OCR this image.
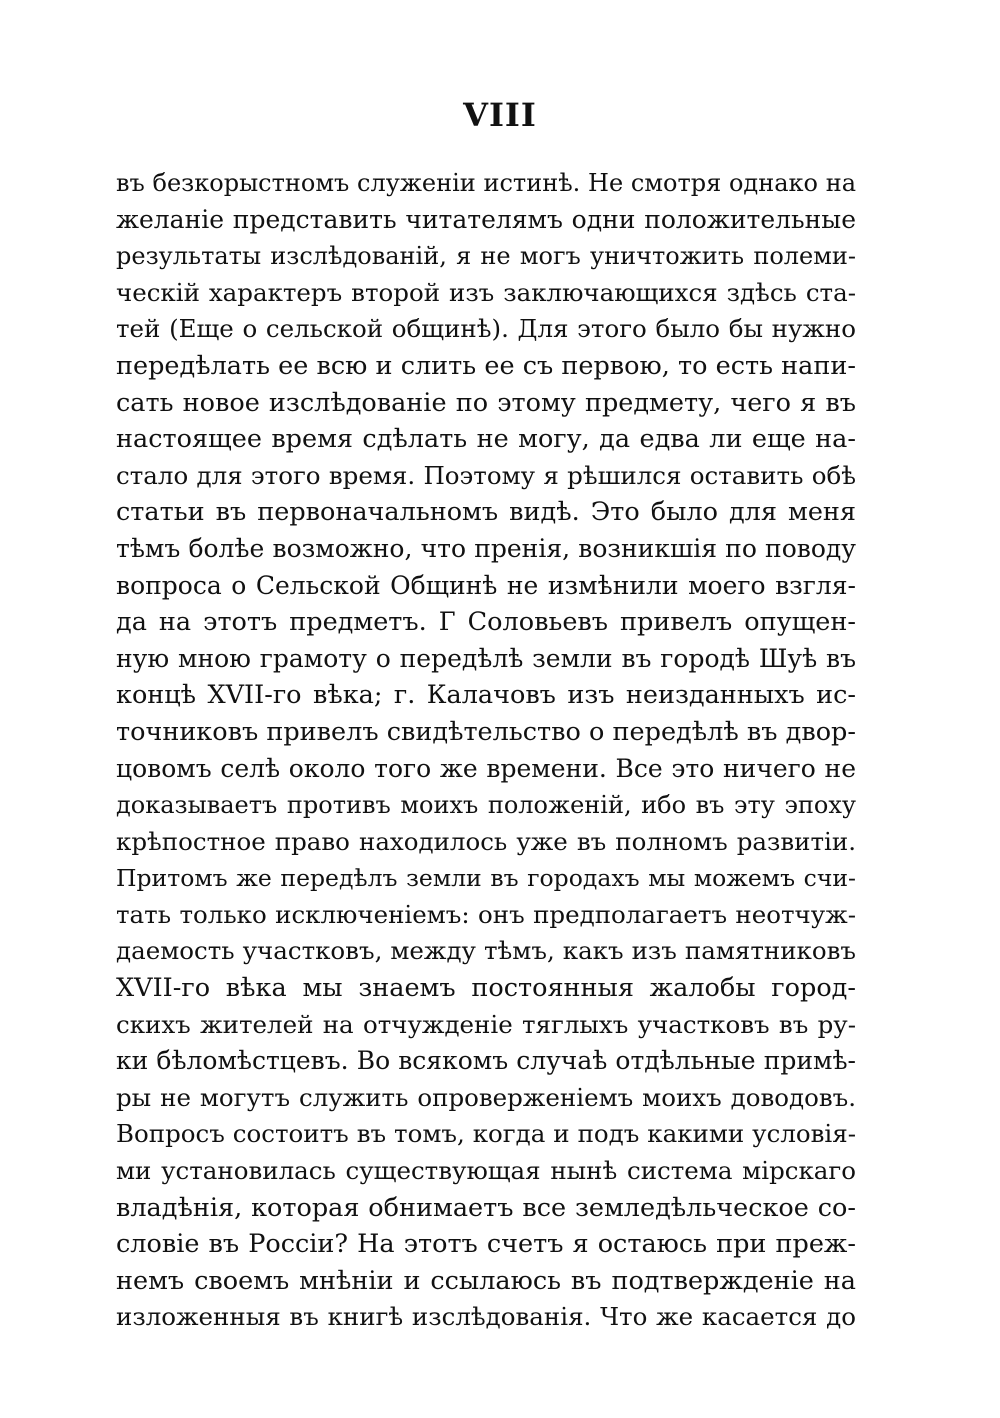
VIII
въ безкорыстномъ служеніи истинѣ. Не смотря однако на
желаніе представить читателямъ одни положительные
результаты изслѣдованій, я не могъ уничтожить полеми-
ческій характеръ второй изъ заключающихся здѣсь ста-
тей (Еще о сельской общинѣ). Для этого было бы нужно
передѣлать ее всю и слить ее съ первою, то есть напи-
сать новое изслѣдованіе по этому предмету, чего я въ
настоящее время сдѣлать не могу, да едва ли еще на-
стало для этого время. Поэтому я рѣшился оставить обѣ
статьи въ первоначальномъ видѣ. Это было для меня
тѣмъ болѣе возможно, что пренія, возникшія по поводу
вопроса о Сельской Общинѣ не измѣнили моего взгля-
да на этотъ предметъ. Г Соловьевъ привелъ опущен-
ную мною грамоту о передѣлѣ земли въ городѣ Шуѣ въ
концѣ XVII-го вѣка; г. Калачовъ изъ неизданныхъ ис-
точниковъ привелъ свидѣтельство о передѣлѣ въ двор-
цовомъ селѣ около того же времени. Все это ничего не
доказываетъ противъ моихъ положеній, ибо въ эту эпоху
крѣпостное право находилось уже въ полномъ развитіи.
Притомъ же передѣлъ земли въ городахъ мы можемъ счи-
тать только исключеніемъ: онъ предполагаетъ неотчуж-
даемость участковъ, между тѣмъ, какъ изъ памятниковъ
XVII-го вѣка мы знаемъ постоянныя жалобы город-
скихъ жителей на отчужденіе тяглыхъ участковъ въ ру-
ки бѣломѣстцевъ. Во всякомъ случаѣ отдѣльные примѣ-
ры не могутъ служить опроверженіемъ моихъ доводовъ.
Вопросъ состоитъ въ томъ, когда и подъ какими условія-
ми установилась существующая нынѣ система мірскаго
владѣнія, которая обнимаетъ все земледѣльческое со-
словіе въ Россіи? На этотъ счетъ я остаюсь при преж-
немъ своемъ мнѣніи и ссылаюсь въ подтвержденіе на
изложенныя въ книгѣ изслѣдованія. Что же касается до
